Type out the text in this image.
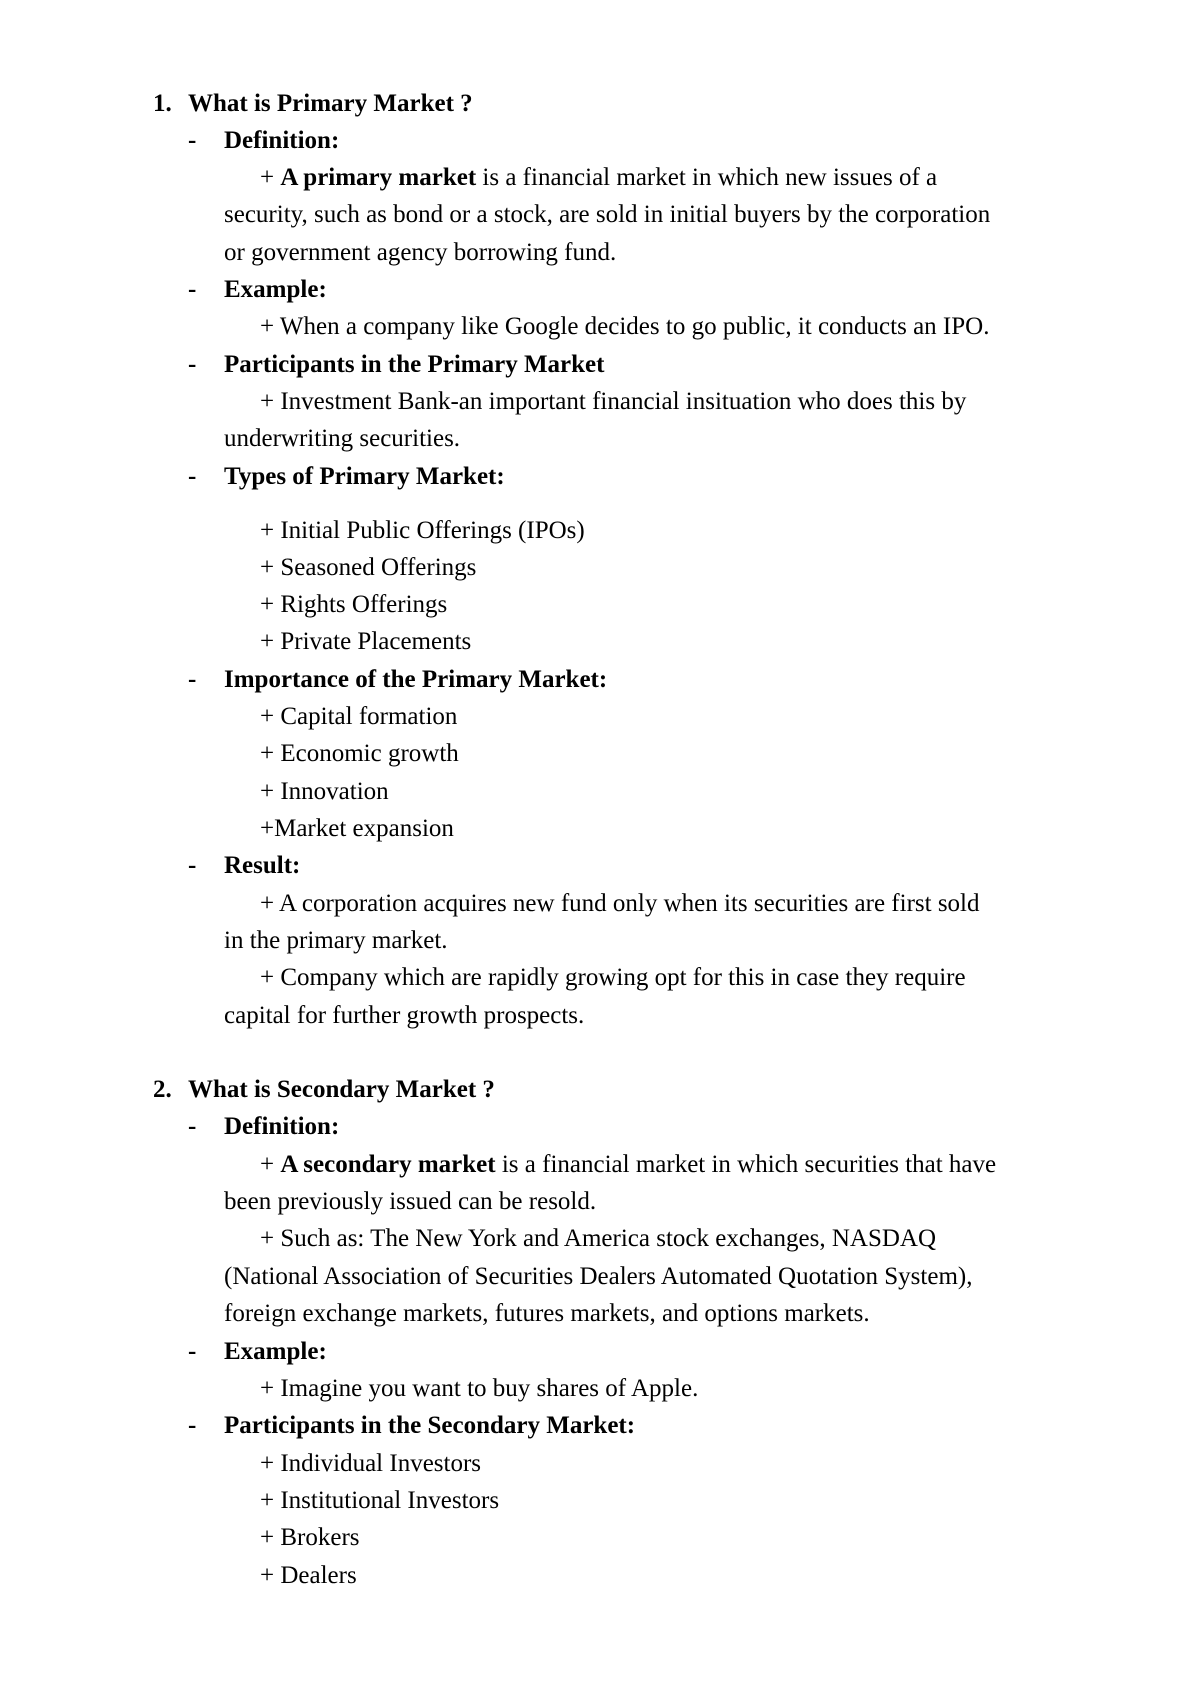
1. What is Primary Market ?
- Definition:
+ A primary market is a financial market in which new issues of a
security, such as bond or a stock, are sold in initial buyers by the corporation
or government agency borrowing fund.
- Example:
+ When a company like Google decides to go public, it conducts an IPO.
- Participants in the Primary Market
+ Investment Bank-an important financial insituation who does this by
underwriting securities.
- Types of Primary Market:
+ Initial Public Offerings (IPOs)
+ Seasoned Offerings
+ Rights Offerings
+ Private Placements
- Importance of the Primary Market:
+ Capital formation
+ Economic growth
+ Innovation
+Market expansion
- Result:
+ A corporation acquires new fund only when its securities are first sold
in the primary market.
+ Company which are rapidly growing opt for this in case they require
capital for further growth prospects.
2. What is Secondary Market ?
- Definition:
+ A secondary market is a financial market in which securities that have
been previously issued can be resold.
+ Such as: The New York and America stock exchanges, NASDAQ
(National Association of Securities Dealers Automated Quotation System),
foreign exchange markets, futures markets, and options markets.
- Example:
+ Imagine you want to buy shares of Apple.
- Participants in the Secondary Market:
+ Individual Investors
+ Institutional Investors
+ Brokers
+ Dealers
